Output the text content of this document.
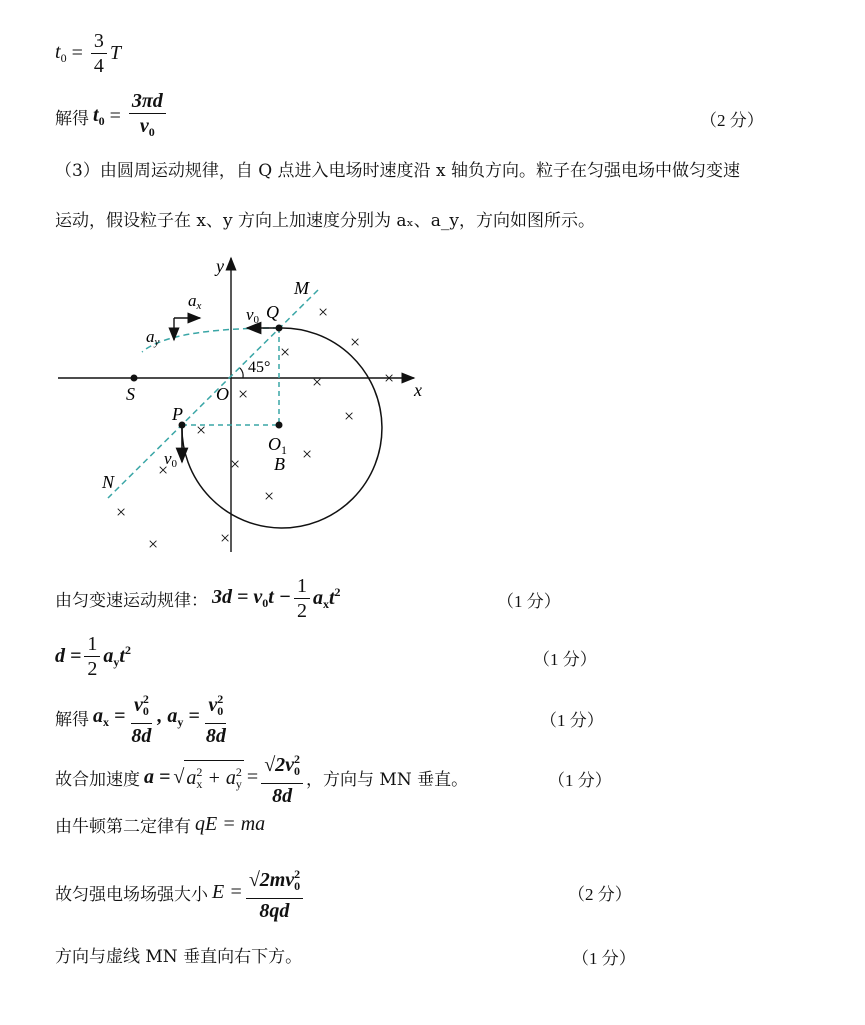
$t_0 = \frac{3}{4}$ T
解得 $t_0 = \frac{3\pi d}{v_0}$	（2 分）
（3）由圆周运动规律，自 Q 点进入电场时速度沿 x 轴负方向。粒子在匀强电场中做匀变速
运动，假设粒子在 x、y 方向上加速度分别为 aₓ、a_y，方向如图所示。
y
x
45°
M
N
Q
S	O
P
$O_1$
B
v0
v0
ax
ay
×
×
×
×	×
×
×
×
×
×
×
×
×
×
×
由匀变速运动规律： $3d = v_0t - \frac{1}{2} a_xt^2$	（1 分）
$d = \frac{1}{2} a_yt^2$	（1 分）
解得 $a_x = \frac{v_0^2}{8d}$ , $a_y = \frac{v_0^2}{8d}$	（1 分）
故合加速度 a = √ $a_x^2 + a_y^2 = \frac{√2v_0^2}{8d}$ ，方向与 MN 垂直。	（1 分）
由牛顿第二定律有 qE = ma
故匀强电场场强大小 $E = \frac{√2mv_0^2}{8qd}$	（2 分）
方向与虚线 MN 垂直向右下方。	（1 分）
